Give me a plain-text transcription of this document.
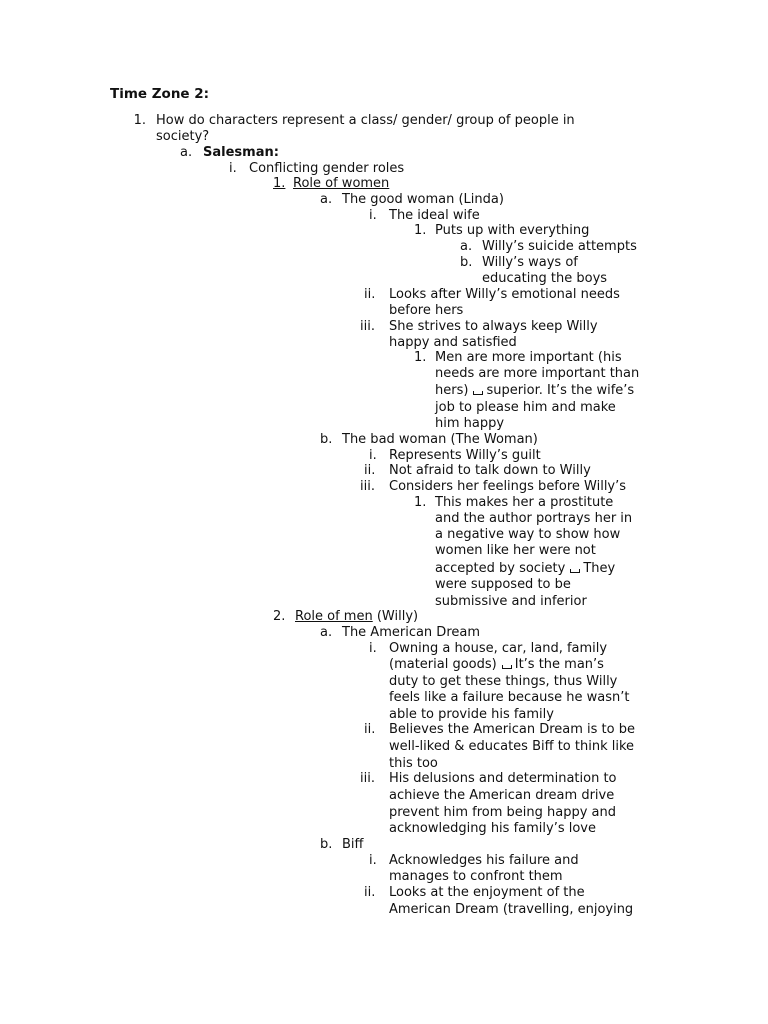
Time Zone 2:
1. How do characters represent a class/ gender/ group of people in
society?
a. Salesman:
i. Conflicting gender roles
1. Role of women
a. The good woman (Linda)
i. The ideal wife
1. Puts up with everything
a. Willy’s suicide attempts
b. Willy’s ways of
educating the boys
ii. Looks after Willy’s emotional needs
before hers
iii. She strives to always keep Willy
happy and satisfied
1. Men are more important (his
needs are more important than
hers) superior. It’s the wife’s
job to please him and make
him happy
b. The bad woman (The Woman)
i. Represents Willy’s guilt
ii. Not afraid to talk down to Willy
iii. Considers her feelings before Willy’s
1. This makes her a prostitute
and the author portrays her in
a negative way to show how
women like her were not
accepted by society They
were supposed to be
submissive and inferior
2. Role of men (Willy)
a. The American Dream
i. Owning a house, car, land, family
(material goods) It’s the man’s
duty to get these things, thus Willy
feels like a failure because he wasn’t
able to provide his family
ii. Believes the American Dream is to be
well-liked & educates Biff to think like
this too
iii. His delusions and determination to
achieve the American dream drive
prevent him from being happy and
acknowledging his family’s love
b. Biff
i. Acknowledges his failure and
manages to confront them
ii. Looks at the enjoyment of the
American Dream (travelling, enjoying
